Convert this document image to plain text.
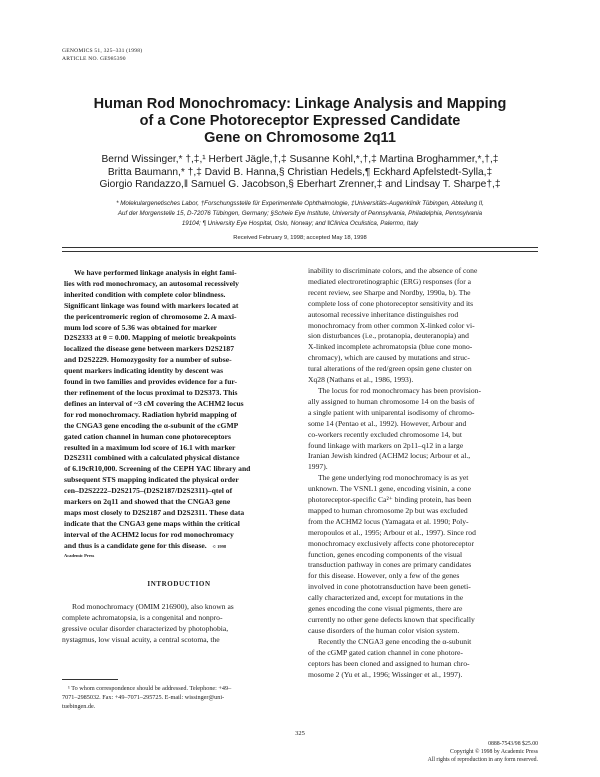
GENOMICS 51, 325–331 (1998)
ARTICLE NO. GE985390
Human Rod Monochromacy: Linkage Analysis and Mapping
of a Cone Photoreceptor Expressed Candidate
Gene on Chromosome 2q11
Bernd Wissinger,* †,‡,¹ Herbert Jägle,†,‡ Susanne Kohl,*,†,‡ Martina Broghammer,*,†,‡
Britta Baumann,* †,‡ David B. Hanna,§ Christian Hedels,¶ Eckhard Apfelstedt-Sylla,‡
Giorgio Randazzo,‖ Samuel G. Jacobson,§ Eberhart Zrenner,‡ and Lindsay T. Sharpe†,‡
* Molekulargenetisches Labor, †Forschungsstelle für Experimentelle Ophthalmologie, ‡Universitäts-Augenklinik Tübingen, Abteilung II,
Auf der Morgenstelle 15, D-72076 Tübingen, Germany; §Scheie Eye Institute, University of Pennsylvania, Philadelphia, Pennsylvania
19104; ¶ University Eye Hospital, Oslo, Norway; and ‖Clinica Oculistica, Palermo, Italy
Received February 9, 1998; accepted May 18, 1998
We have performed linkage analysis in eight fami-
lies with rod monochromacy, an autosomal recessively
inherited condition with complete color blindness.
Significant linkage was found with markers located at
the pericentromeric region of chromosome 2. A maxi-
mum lod score of 5.36 was obtained for marker
D2S2333 at θ = 0.00. Mapping of meiotic breakpoints
localized the disease gene between markers D2S2187
and D2S2229. Homozygosity for a number of subse-
quent markers indicating identity by descent was
found in two families and provides evidence for a fur-
ther refinement of the locus proximal to D2S373. This
defines an interval of ~3 cM covering the ACHM2 locus
for rod monochromacy. Radiation hybrid mapping of
the CNGA3 gene encoding the α-subunit of the cGMP
gated cation channel in human cone photoreceptors
resulted in a maximum lod score of 16.1 with marker
D2S2311 combined with a calculated physical distance
of 6.19cR10,000. Screening of the CEPH YAC library and
subsequent STS mapping indicated the physical order
cen–D2S2222–D2S2175–(D2S2187/D2S2311)–qtel of
markers on 2q11 and showed that the CNGA3 gene
maps most closely to D2S2187 and D2S2311. These data
indicate that the CNGA3 gene maps within the critical
interval of the ACHM2 locus for rod monochromacy
and thus is a candidate gene for this disease. © 1998
Academic Press
INTRODUCTION
Rod monochromacy (OMIM 216900), also known as
complete achromatopsia, is a congenital and nonpro-
gressive ocular disorder characterized by photophobia,
nystagmus, low visual acuity, a central scotoma, the
¹ To whom correspondence should be addressed. Telephone: +49–
7071–2985032. Fax: +49–7071–295725. E-mail: wissinger@uni-
tuebingen.de.
inability to discriminate colors, and the absence of cone
mediated electroretinographic (ERG) responses (for a
recent review, see Sharpe and Nordby, 1990a, b). The
complete loss of cone photoreceptor sensitivity and its
autosomal recessive inheritance distinguishes rod
monochromacy from other common X-linked color vi-
sion disturbances (i.e., protanopia, deuteranopia) and
X-linked incomplete achromatopsia (blue cone mono-
chromacy), which are caused by mutations and struc-
tural alterations of the red/green opsin gene cluster on
Xq28 (Nathans et al., 1986, 1993).
The locus for rod monochromacy has been provision-
ally assigned to human chromosome 14 on the basis of
a single patient with uniparental isodisomy of chromo-
some 14 (Pentao et al., 1992). However, Arbour and
co-workers recently excluded chromosome 14, but
found linkage with markers on 2p11–q12 in a large
Iranian Jewish kindred (ACHM2 locus; Arbour et al.,
1997).
The gene underlying rod monochromacy is as yet
unknown. The VSNL1 gene, encoding visinin, a cone
photoreceptor-specific Ca²⁺ binding protein, has been
mapped to human chromosome 2p but was excluded
from the ACHM2 locus (Yamagata et al. 1990; Poly-
meropoulos et al., 1995; Arbour et al., 1997). Since rod
monochromacy exclusively affects cone photoreceptor
function, genes encoding components of the visual
transduction pathway in cones are primary candidates
for this disease. However, only a few of the genes
involved in cone phototransduction have been geneti-
cally characterized and, except for mutations in the
genes encoding the cone visual pigments, there are
currently no other gene defects known that specifically
cause disorders of the human color vision system.
Recently the CNGA3 gene encoding the α-subunit
of the cGMP gated cation channel in cone photore-
ceptors has been cloned and assigned to human chro-
mosome 2 (Yu et al., 1996; Wissinger et al., 1997).
325
0888-7543/98 $25.00
Copyright © 1998 by Academic Press
All rights of reproduction in any form reserved.
